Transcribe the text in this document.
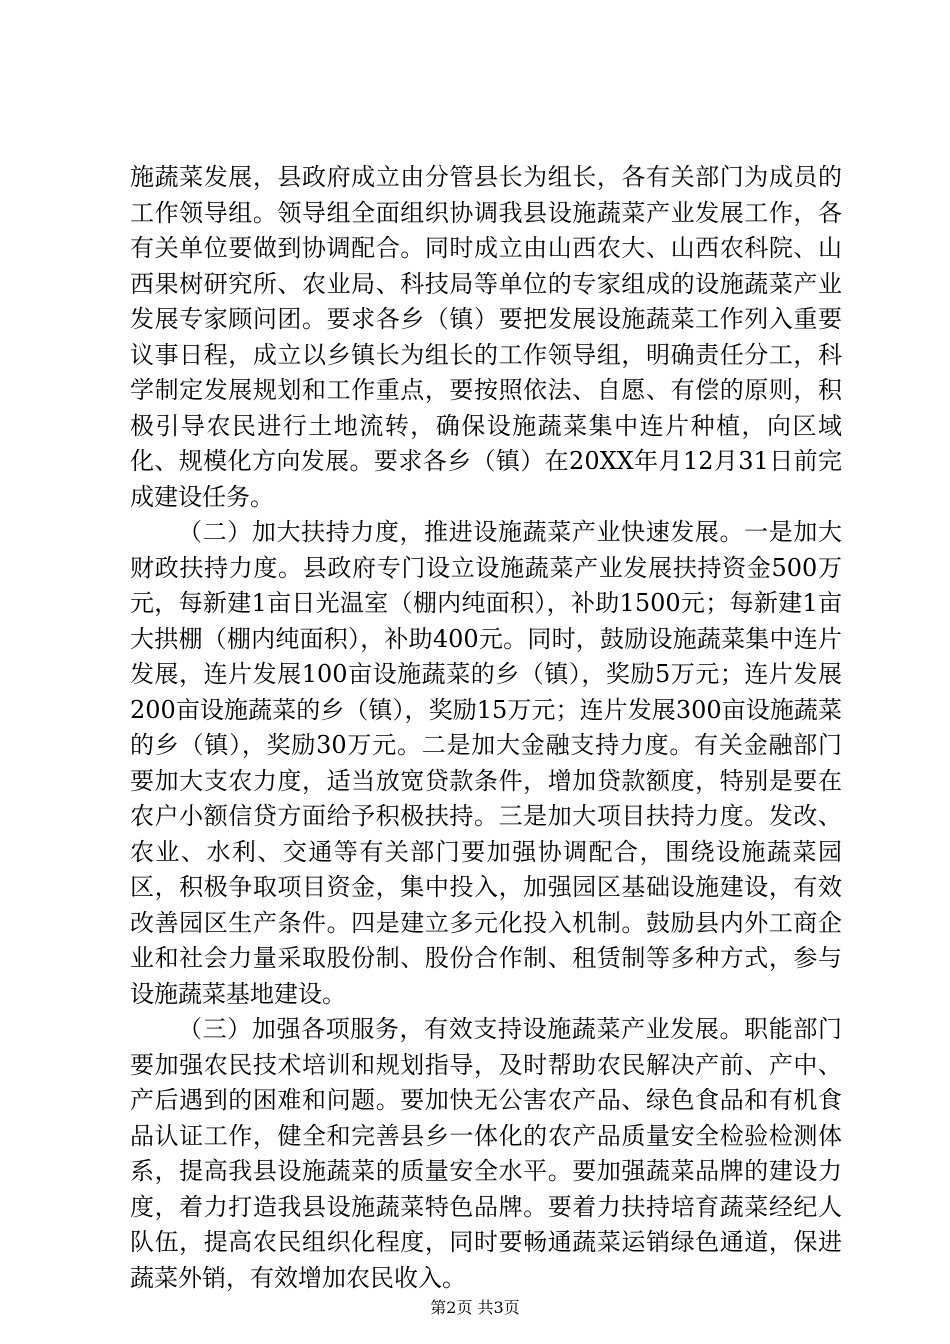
施蔬菜发展，县政府成立由分管县长为组长，各有关部门为成员的工作领导组。领导组全面组织协调我县设施蔬菜产业发展工作，各有关单位要做到协调配合。同时成立由山西农大、山西农科院、山西果树研究所、农业局、科技局等单位的专家组成的设施蔬菜产业发展专家顾问团。要求各乡（镇）要把发展设施蔬菜工作列入重要议事日程，成立以乡镇长为组长的工作领导组，明确责任分工，科学制定发展规划和工作重点，要按照依法、自愿、有偿的原则，积极引导农民进行土地流转，确保设施蔬菜集中连片种植，向区域化、规模化方向发展。要求各乡（镇）在20XX年月12月31日前完成建设任务。

（二）加大扶持力度，推进设施蔬菜产业快速发展。一是加大财政扶持力度。县政府专门设立设施蔬菜产业发展扶持资金500万元，每新建1亩日光温室（棚内纯面积），补助1500元；每新建1亩大拱棚（棚内纯面积），补助400元。同时，鼓励设施蔬菜集中连片发展，连片发展100亩设施蔬菜的乡（镇），奖励5万元；连片发展200亩设施蔬菜的乡（镇），奖励15万元；连片发展300亩设施蔬菜的乡（镇），奖励30万元。二是加大金融支持力度。有关金融部门要加大支农力度，适当放宽贷款条件，增加贷款额度，特别是要在农户小额信贷方面给予积极扶持。三是加大项目扶持力度。发改、农业、水利、交通等有关部门要加强协调配合，围绕设施蔬菜园区，积极争取项目资金，集中投入，加强园区基础设施建设，有效改善园区生产条件。四是建立多元化投入机制。鼓励县内外工商企业和社会力量采取股份制、股份合作制、租赁制等多种方式，参与设施蔬菜基地建设。

（三）加强各项服务，有效支持设施蔬菜产业发展。职能部门要加强农民技术培训和规划指导，及时帮助农民解决产前、产中、产后遇到的困难和问题。要加快无公害农产品、绿色食品和有机食品认证工作，健全和完善县乡一体化的农产品质量安全检验检测体系，提高我县设施蔬菜的质量安全水平。要加强蔬菜品牌的建设力度，着力打造我县设施蔬菜特色品牌。要着力扶持培育蔬菜经纪人队伍，提高农民组织化程度，同时要畅通蔬菜运销绿色通道，保进蔬菜外销，有效增加农民收入。

第2页 共3页
